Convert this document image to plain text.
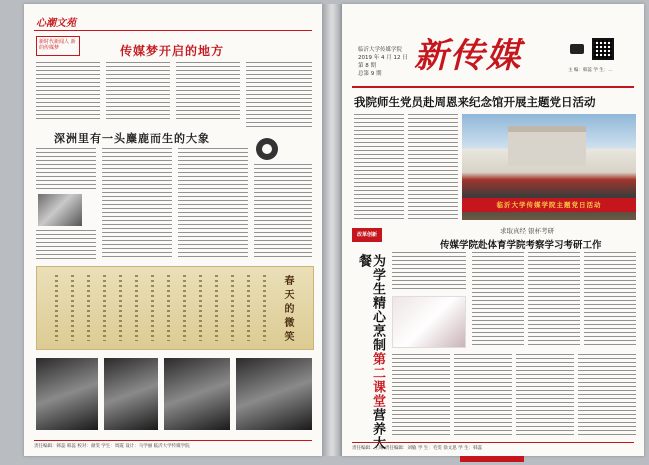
心潮文苑
新时代新闻人 新的传媒梦	传媒梦开启的地方
深洲里有一头麋鹿而生的大象
春天的微笑
责任编辑：韩蕊 韩蕊 校对：颜雯 学生：周霞 设计：马学丽 临沂大学传媒学院
临沂大学传媒学院
2019 年 4 月 12 日
第 8 期
总第 9 期 新传媒	主 编：韩蕊 学 生：...
我院师生党员赴周恩来纪念馆开展主题党日活动
临沂大学传媒学院主题党日活动
改革创新	求取真经 银杯考研
传媒学院赴体育学院考察学习考研工作
为学生精心烹制第二课堂营养大餐
责任编辑：王琳 责任编辑：刘敏 学 生：毛雯 徐文思 学 生：韩蕊
